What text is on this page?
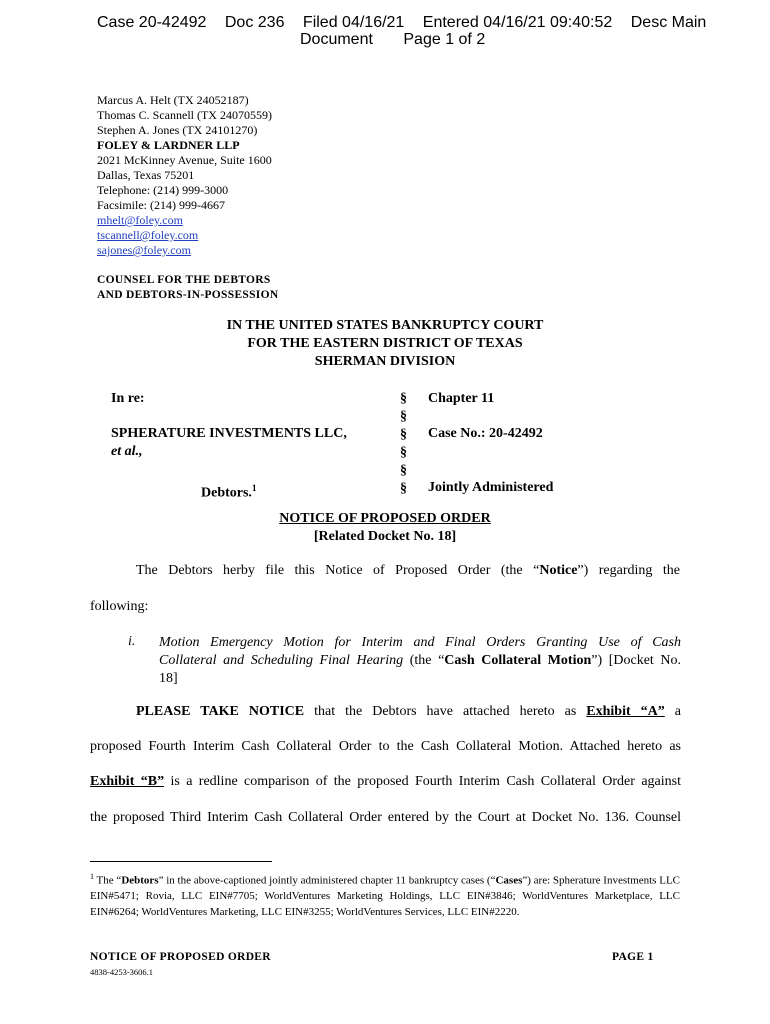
Case 20-42492 Doc 236 Filed 04/16/21 Entered 04/16/21 09:40:52 Desc Main
Document Page 1 of 2
Marcus A. Helt (TX 24052187)
Thomas C. Scannell (TX 24070559)
Stephen A. Jones (TX 24101270)
FOLEY & LARDNER LLP
2021 McKinney Avenue, Suite 1600
Dallas, Texas 75201
Telephone: (214) 999-3000
Facsimile: (214) 999-4667
mhelt@foley.com
tscannell@foley.com
sajones@foley.com
COUNSEL FOR THE DEBTORS
AND DEBTORS-IN-POSSESSION
IN THE UNITED STATES BANKRUPTCY COURT
FOR THE EASTERN DISTRICT OF TEXAS
SHERMAN DIVISION
In re:
SPHERATURE INVESTMENTS LLC,
et al.,
Debtors.$^1$
§
§
§
§
§
§
Chapter 11
Case No.: 20-42492
Jointly Administered
NOTICE OF PROPOSED ORDER
[Related Docket No. 18]
The Debtors herby file this Notice of Proposed Order (the “Notice”) regarding the
following:
i. Motion Emergency Motion for Interim and Final Orders Granting Use of Cash
Collateral and Scheduling Final Hearing (the “Cash Collateral Motion”) [Docket No.
18]
PLEASE TAKE NOTICE that the Debtors have attached hereto as Exhibit “A” a
proposed Fourth Interim Cash Collateral Order to the Cash Collateral Motion. Attached hereto as
Exhibit “B” is a redline comparison of the proposed Fourth Interim Cash Collateral Order against
the proposed Third Interim Cash Collateral Order entered by the Court at Docket No. 136. Counsel
$^1$ The “Debtors” in the above-captioned jointly administered chapter 11 bankruptcy cases (“Cases”) are: Spherature Investments LLC EIN#5471; Rovia, LLC EIN#7705; WorldVentures Marketing Holdings, LLC EIN#3846; WorldVentures Marketplace, LLC EIN#6264; WorldVentures Marketing, LLC EIN#3255; WorldVentures Services, LLC EIN#2220.
NOTICE OF PROPOSED ORDER	PAGE 1
4838-4253-3606.1
